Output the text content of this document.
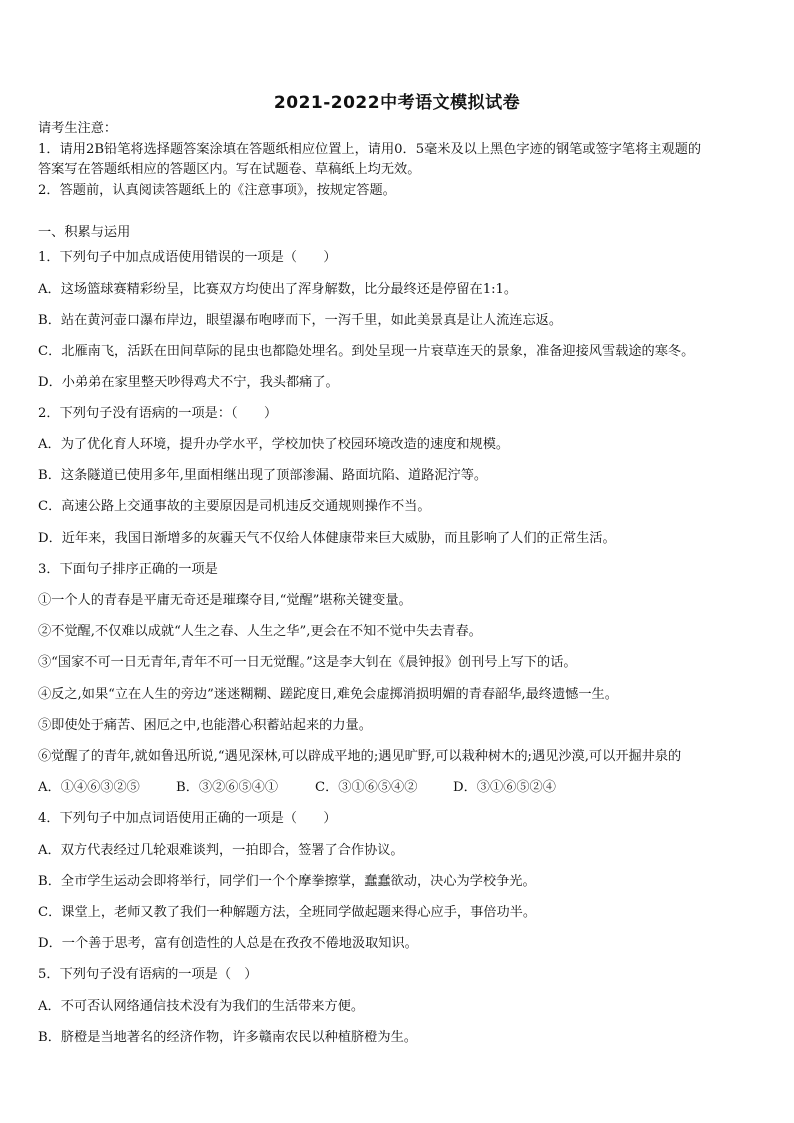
2021-2022中考语文模拟试卷
请考生注意：
1．请用2B铅笔将选择题答案涂填在答题纸相应位置上，请用0．5毫米及以上黑色字迹的钢笔或签字笔将主观题的
答案写在答题纸相应的答题区内。写在试题卷、草稿纸上均无效。
2．答题前，认真阅读答题纸上的《注意事项》，按规定答题。
一、积累与运用
1．下列句子中加点成语使用错误的一项是（　　）
A．这场篮球赛精彩纷呈，比赛双方均使出了浑身解数，比分最终还是停留在1:1。
B．站在黄河壶口瀑布岸边，眼望瀑布咆哮而下，一泻千里，如此美景真是让人流连忘返。
C．北雁南飞，活跃在田间草际的昆虫也都隐处埋名。到处呈现一片衰草连天的景象，准备迎接风雪载途的寒冬。
D．小弟弟在家里整天吵得鸡犬不宁，我头都痛了。
2．下列句子没有语病的一项是：（　　）
A．为了优化育人环境，提升办学水平，学校加快了校园环境改造的速度和规模。
B．这条隧道已使用多年,里面相继出现了顶部渗漏、路面坑陷、道路泥泞等。
C．高速公路上交通事故的主要原因是司机违反交通规则操作不当。
D．近年来，我国日渐增多的灰霾天气不仅给人体健康带来巨大威胁，而且影响了人们的正常生活。
3．下面句子排序正确的一项是
①一个人的青春是平庸无奇还是璀璨夺目,“觉醒”堪称关键变量。
②不觉醒,不仅难以成就“人生之春、人生之华”,更会在不知不觉中失去青春。
③“国家不可一日无青年,青年不可一日无觉醒。”这是李大钊在《晨钟报》创刊号上写下的话。
④反之,如果“立在人生的旁边”迷迷糊糊、蹉跎度日,难免会虚掷消损明媚的青春韶华,最终遗憾一生。
⑤即使处于痛苦、困厄之中,也能潜心积蓄站起来的力量。
⑥觉醒了的青年,就如鲁迅所说,“遇见深林,可以辟成平地的;遇见旷野,可以栽种树木的;遇见沙漠,可以开掘井泉的
A．①④⑥③②⑤	B．③②⑥⑤④①	C．③①⑥⑤④②	D．③①⑥⑤②④
4．下列句子中加点词语使用正确的一项是（　　）
A．双方代表经过几轮艰难谈判，一拍即合，签署了合作协议。
B．全市学生运动会即将举行，同学们一个个摩拳擦掌，蠢蠢欲动，决心为学校争光。
C．课堂上，老师又教了我们一种解题方法，全班同学做起题来得心应手，事倍功半。
D．一个善于思考，富有创造性的人总是在孜孜不倦地汲取知识。
5．下列句子没有语病的一项是（　）
A．不可否认网络通信技术没有为我们的生活带来方便。
B．脐橙是当地著名的经济作物，许多赣南农民以种植脐橙为生。
